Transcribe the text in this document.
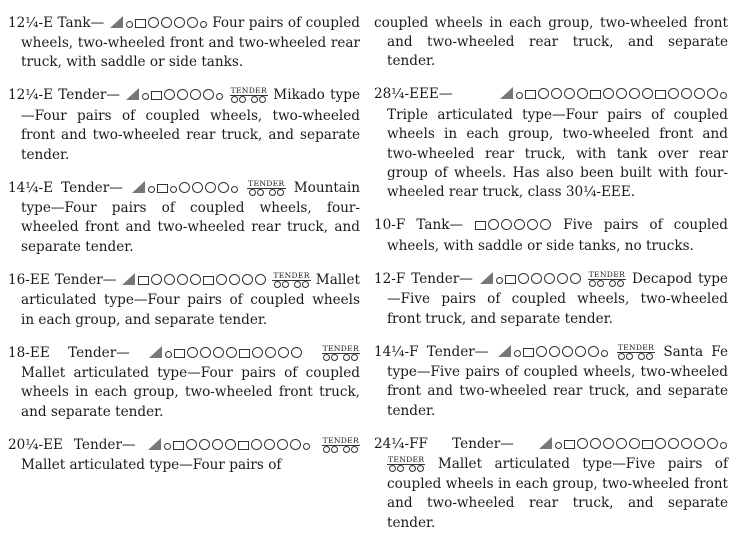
12¼-E Tank—	Four pairs of coupled wheels, two-wheeled front and two-wheeled rear truck, with saddle or side tanks.

12¼-E Tender—	TENDER Mikado type—Four pairs of coupled wheels, two-wheeled front and two-wheeled rear truck, and separate tender.

14¼-E Tender—	TENDER Mountain type—Four pairs of coupled wheels, four-wheeled front and two-wheeled rear truck, and separate tender.

16-EE Tender—	TENDER Mallet articulated type—Four pairs of coupled wheels in each group, and separate tender.

18-EE Tender—	TENDER
Mallet articulated type—Four pairs of coupled wheels in each group, two-wheeled front truck, and separate tender.

20¼-EE Tender—	TENDER
Mallet articulated type—Four pairs of

coupled wheels in each group, two-wheeled front and two-wheeled rear truck, and separate tender.

28¼-EEE—  Triple articulated type—Four pairs of coupled wheels in each group, two-wheeled front and two-wheeled rear truck, with tank over rear group of wheels. Has also been built with four-wheeled rear truck, class 30¼-EEE.

10-F Tank—	Five pairs of coupled wheels, with saddle or side tanks, no trucks.

12-F Tender—	TENDER Decapod type—Five pairs of coupled wheels, two-wheeled front truck, and separate tender.

14¼-F Tender—	TENDER Santa Fe type—Five pairs of coupled wheels, two-wheeled front and two-wheeled rear truck, and separate tender.

24¼-FF Tender—
TENDER Mallet articulated type—Five pairs of coupled wheels in each group, two-wheeled front and two-wheeled rear truck, and separate tender.
